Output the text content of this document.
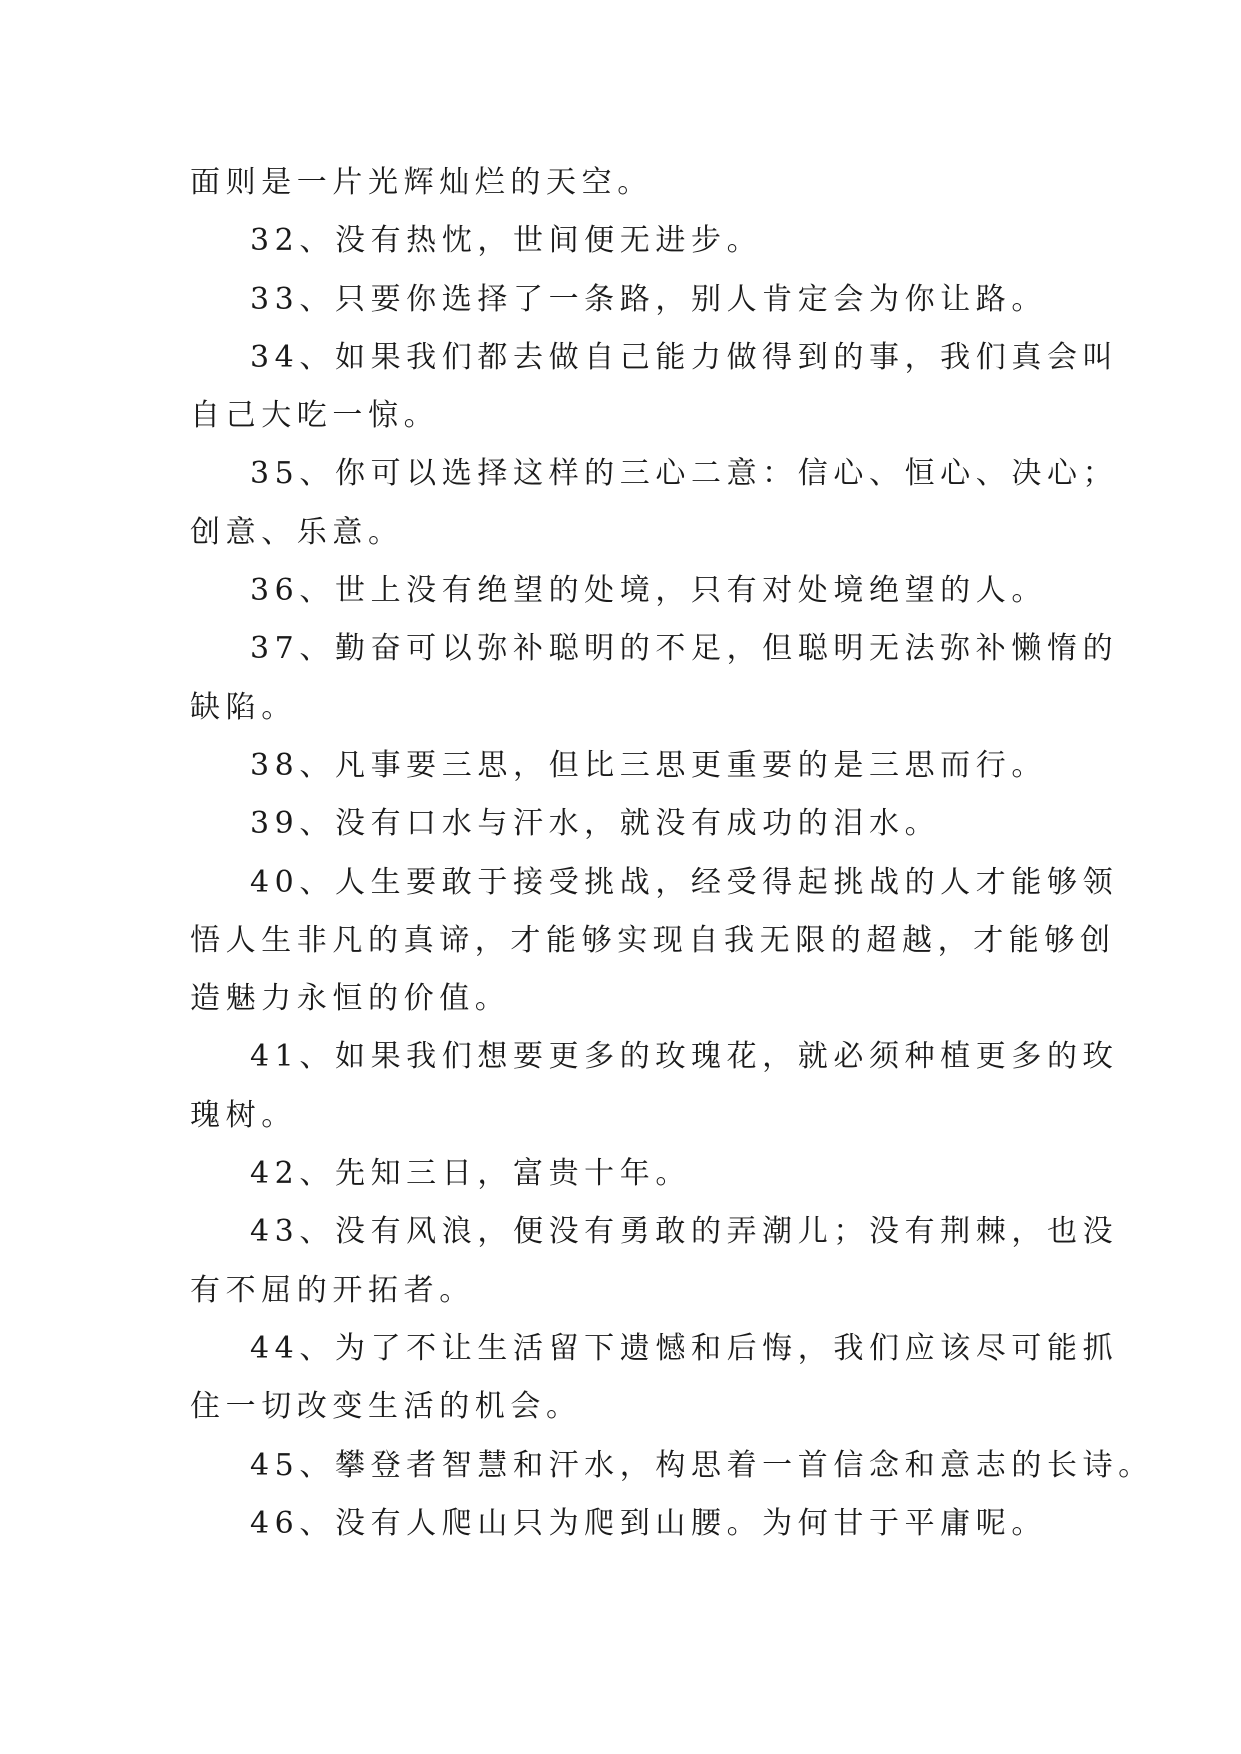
面则是一片光辉灿烂的天空。
32、没有热忱，世间便无进步。
33、只要你选择了一条路，别人肯定会为你让路。
34、如果我们都去做自己能力做得到的事，我们真会叫
自己大吃一惊。
35、你可以选择这样的三心二意：信心、恒心、决心；
创意、乐意。
36、世上没有绝望的处境，只有对处境绝望的人。
37、勤奋可以弥补聪明的不足，但聪明无法弥补懒惰的
缺陷。
38、凡事要三思，但比三思更重要的是三思而行。
39、没有口水与汗水，就没有成功的泪水。
40、人生要敢于接受挑战，经受得起挑战的人才能够领
悟人生非凡的真谛，才能够实现自我无限的超越，才能够创
造魅力永恒的价值。
41、如果我们想要更多的玫瑰花，就必须种植更多的玫
瑰树。
42、先知三日，富贵十年。
43、没有风浪，便没有勇敢的弄潮儿；没有荆棘，也没
有不屈的开拓者。
44、为了不让生活留下遗憾和后悔，我们应该尽可能抓
住一切改变生活的机会。
45、攀登者智慧和汗水，构思着一首信念和意志的长诗。
46、没有人爬山只为爬到山腰。为何甘于平庸呢。
